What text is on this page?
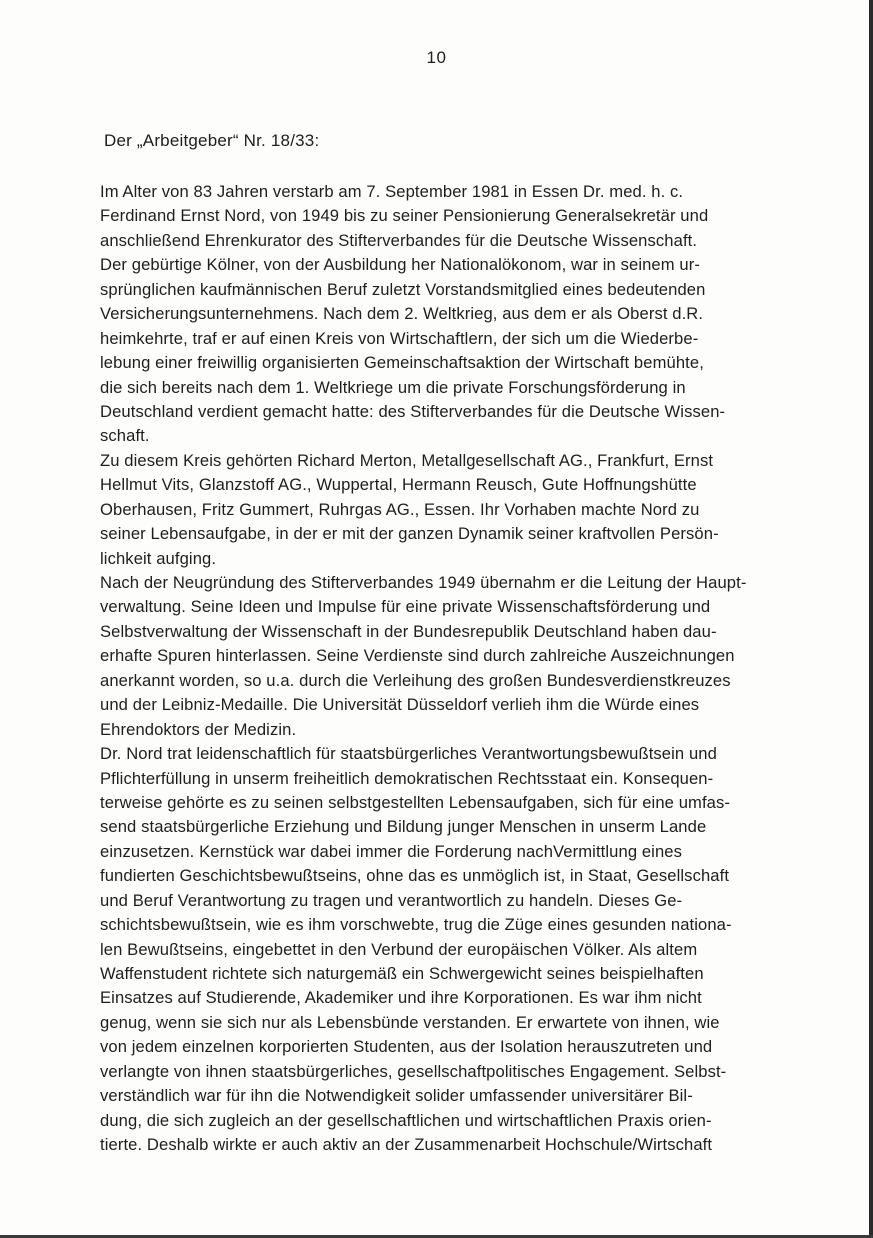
10
Der „Arbeitgeber“ Nr. 18/33:
Im Alter von 83 Jahren verstarb am 7. September 1981 in Essen Dr. med. h. c.
Ferdinand Ernst Nord, von 1949 bis zu seiner Pensionierung Generalsekretär und
anschließend Ehrenkurator des Stifterverbandes für die Deutsche Wissenschaft.
Der gebürtige Kölner, von der Ausbildung her Nationalökonom, war in seinem ur-
sprünglichen kaufmännischen Beruf zuletzt Vorstandsmitglied eines bedeutenden
Versicherungsunternehmens. Nach dem 2. Weltkrieg, aus dem er als Oberst d.R.
heimkehrte, traf er auf einen Kreis von Wirtschaftlern, der sich um die Wiederbe-
lebung einer freiwillig organisierten Gemeinschaftsaktion der Wirtschaft bemühte,
die sich bereits nach dem 1. Weltkriege um die private Forschungsförderung in
Deutschland verdient gemacht hatte: des Stifterverbandes für die Deutsche Wissen-
schaft.
Zu diesem Kreis gehörten Richard Merton, Metallgesellschaft AG., Frankfurt, Ernst
Hellmut Vits, Glanzstoff AG., Wuppertal, Hermann Reusch, Gute Hoffnungshütte
Oberhausen, Fritz Gummert, Ruhrgas AG., Essen. Ihr Vorhaben machte Nord zu
seiner Lebensaufgabe, in der er mit der ganzen Dynamik seiner kraftvollen Persön-
lichkeit aufging.
Nach der Neugründung des Stifterverbandes 1949 übernahm er die Leitung der Haupt-
verwaltung. Seine Ideen und Impulse für eine private Wissenschaftsförderung und
Selbstverwaltung der Wissenschaft in der Bundesrepublik Deutschland haben dau-
erhafte Spuren hinterlassen. Seine Verdienste sind durch zahlreiche Auszeichnungen
anerkannt worden, so u.a. durch die Verleihung des großen Bundesverdienstkreuzes
und der Leibniz-Medaille. Die Universität Düsseldorf verlieh ihm die Würde eines
Ehrendoktors der Medizin.
Dr. Nord trat leidenschaftlich für staatsbürgerliches Verantwortungsbewußtsein und
Pflichterfüllung in unserm freiheitlich demokratischen Rechtsstaat ein. Konsequen-
terweise gehörte es zu seinen selbstgestellten Lebensaufgaben, sich für eine umfas-
send staatsbürgerliche Erziehung und Bildung junger Menschen in unserm Lande
einzusetzen. Kernstück war dabei immer die Forderung nachVermittlung eines
fundierten Geschichtsbewußtseins, ohne das es unmöglich ist, in Staat, Gesellschaft
und Beruf Verantwortung zu tragen und verantwortlich zu handeln. Dieses Ge-
schichtsbewußtsein, wie es ihm vorschwebte, trug die Züge eines gesunden nationa-
len Bewußtseins, eingebettet in den Verbund der europäischen Völker. Als altem
Waffenstudent richtete sich naturgemäß ein Schwergewicht seines beispielhaften
Einsatzes auf Studierende, Akademiker und ihre Korporationen. Es war ihm nicht
genug, wenn sie sich nur als Lebensbünde verstanden. Er erwartete von ihnen, wie
von jedem einzelnen korporierten Studenten, aus der Isolation herauszutreten und
verlangte von ihnen staatsbürgerliches, gesellschaftpolitisches Engagement. Selbst-
verständlich war für ihn die Notwendigkeit solider umfassender universitärer Bil-
dung, die sich zugleich an der gesellschaftlichen und wirtschaftlichen Praxis orien-
tierte. Deshalb wirkte er auch aktiv an der Zusammenarbeit Hochschule/Wirtschaft
